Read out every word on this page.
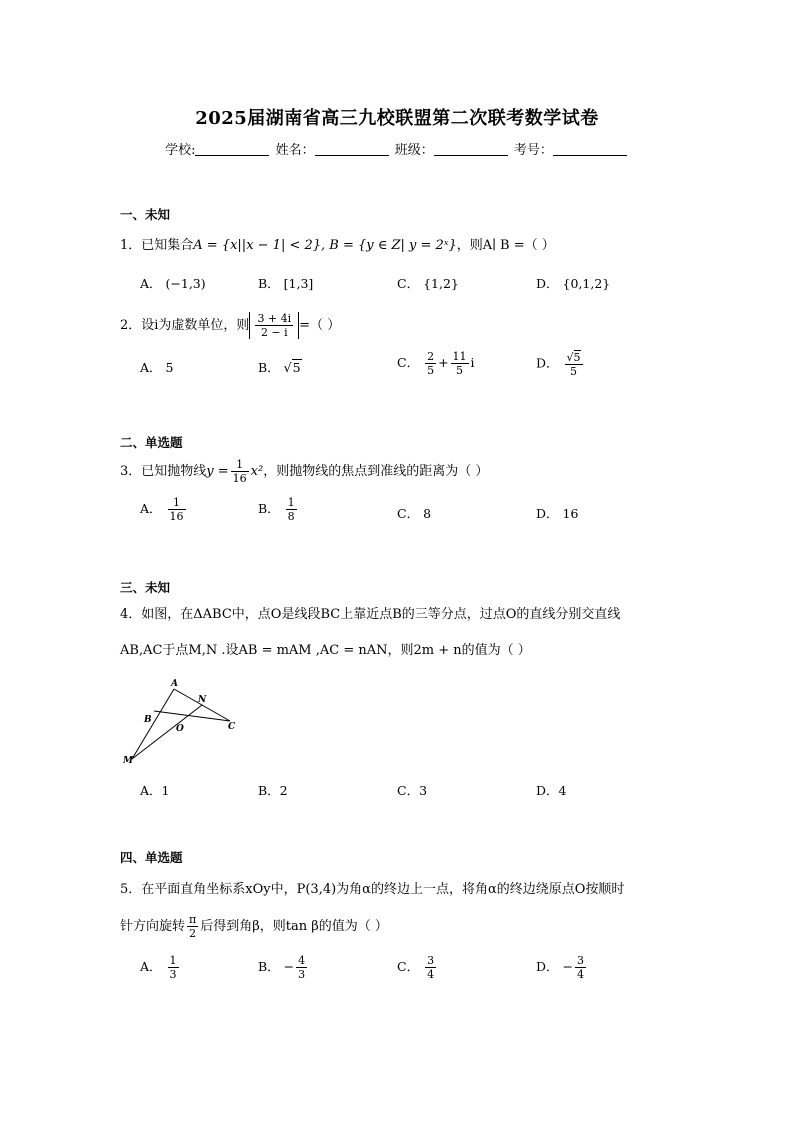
2025届湖南省高三九校联盟第二次联考数学试卷
学校:	姓名：	班级：	考号：
一、未知
1．已知集合A = {x||x − 1| < 2}, B = {y ∈ Z| y = 2ˣ}，则A∣ B =（ ）
A． (−1,3)	B． [1,3]	C． {1,2}	D． {0,1,2}
2．设i为虚数单位，则 $\frac{3 + 4i}{2 - i}$ =（ ）
A． 5	B． √5	C． $\frac{2}{5} + \frac{11}{5}$ i	D． $\frac{√5}{5}$
二、单选题
3．已知抛物线$y = \frac{1}{16} x^2$，则抛物线的焦点到准线的距离为（ ）
A． $\frac{1}{16}$	B． $\frac{1}{8}$	C． 8	D． 16
三、未知
4．如图，在ΔABC中，点O是线段BC上靠近点B的三等分点，过点O的直线分别交直线
AB,AC于点M,N .设AB = mAM ,AC = nAN，则2m + n的值为（ ）
A
N
B
O	C
M
A．1	B．2	C．3	D．4
四、单选题
5．在平面直角坐标系xOy中，P(3,4)为角α的终边上一点，将角α的终边绕原点O按顺时
针方向旋转 $\frac{\pi}{2}$ 后得到角β，则tan β的值为（ ）
A． $\frac{1}{3}$	B． − $\frac{4}{3}$	C． $\frac{3}{4}$	D． − $\frac{3}{4}$
